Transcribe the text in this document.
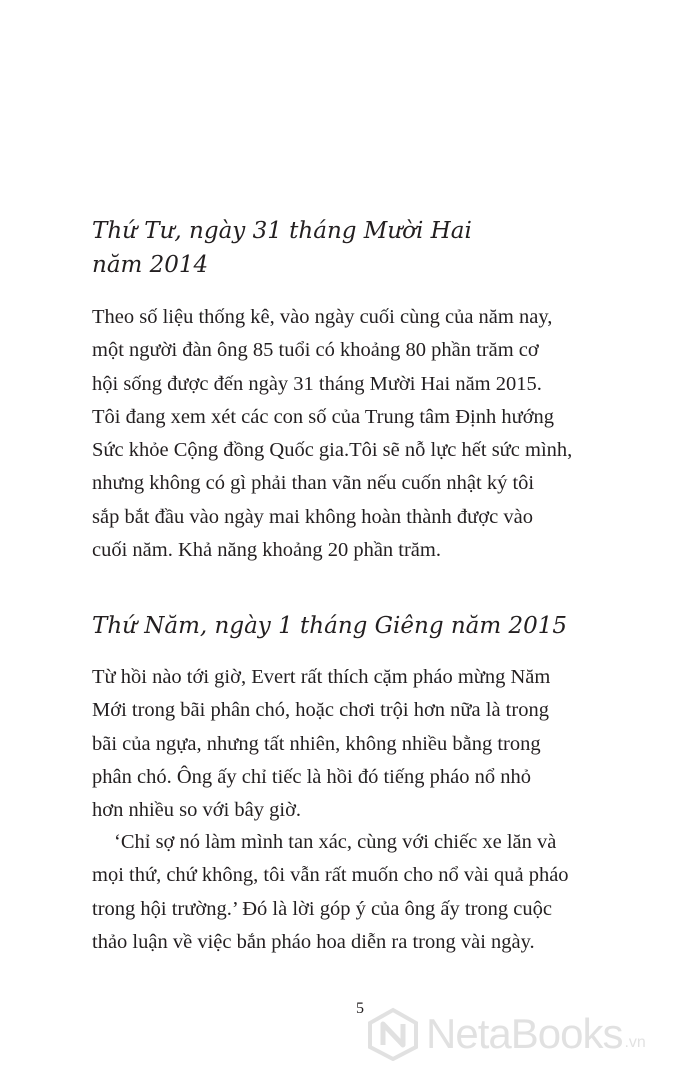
Thứ Tư, ngày 31 tháng Mười Hai
năm 2014

Theo số liệu thống kê, vào ngày cuối cùng của năm nay,
một người đàn ông 85 tuổi có khoảng 80 phần trăm cơ
hội sống được đến ngày 31 tháng Mười Hai năm 2015.
Tôi đang xem xét các con số của Trung tâm Định hướng
Sức khỏe Cộng đồng Quốc gia.Tôi sẽ nỗ lực hết sức mình,
nhưng không có gì phải than vãn nếu cuốn nhật ký tôi
sắp bắt đầu vào ngày mai không hoàn thành được vào
cuối năm. Khả năng khoảng 20 phần trăm.

Thứ Năm, ngày 1 tháng Giêng năm 2015

Từ hồi nào tới giờ, Evert rất thích cặm pháo mừng Năm
Mới trong bãi phân chó, hoặc chơi trội hơn nữa là trong
bãi của ngựa, nhưng tất nhiên, không nhiều bằng trong
phân chó. Ông ấy chỉ tiếc là hồi đó tiếng pháo nổ nhỏ
hơn nhiều so với bây giờ.

‘Chỉ sợ nó làm mình tan xác, cùng với chiếc xe lăn và
mọi thứ, chứ không, tôi vẫn rất muốn cho nổ vài quả pháo
trong hội trường.’ Đó là lời góp ý của ông ấy trong cuộc
thảo luận về việc bắn pháo hoa diễn ra trong vài ngày.

5
NetaBooks .vn
